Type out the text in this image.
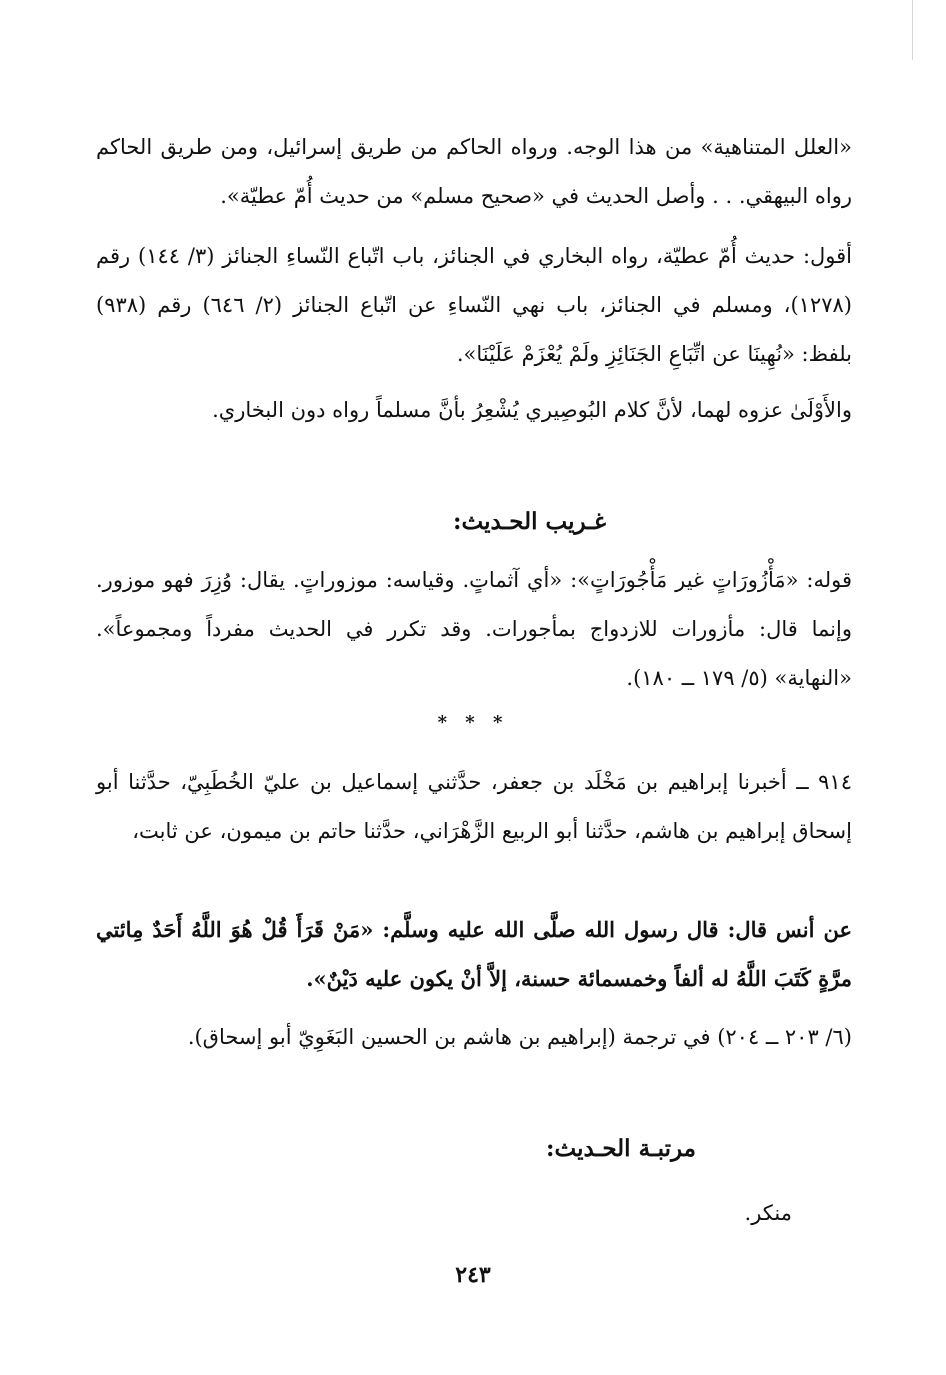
«العلل المتناهية» من هذا الوجه. ورواه الحاكم من طريق إسرائيل، ومن طريق الحاكم رواه البيهقي. . . وأصل الحديث في «صحيح مسلم» من حديث أُمّ عطيّة».

أقول: حديث أُمّ عطيّة، رواه البخاري في الجنائز، باب اتّباع النّساءِ الجنائز (٣/ ١٤٤) رقم (١٢٧٨)، ومسلم في الجنائز، باب نهي النّساءِ عن اتّباع الجنائز (٢/ ٦٤٦) رقم (٩٣٨) بلفظ: «نُهِينَا عن اتِّبَاعِ الجَنَائِزِ ولَمْ يُعْزَمْ عَلَيْنَا».

والأَوْلَىٰ عزوه لهما، لأنَّ كلام البُوصِيري يُشْعِرُ بأنَّ مسلماً رواه دون البخاري.

غـريب الحـديث:

قوله: «مَأْزُورَاتٍ غير مَأْجُورَاتٍ»: «أي آثماتٍ. وقياسه: موزوراتٍ. يقال: وُزِرَ فهو موزور. وإنما قال: مأزورات للازدواج بمأجورات. وقد تكرر في الحديث مفرداً ومجموعاً». «النهاية» (٥/ ١٧٩ ــ ١٨٠).

* * *

٩١٤ ــ أخبرنا إبراهيم بن مَخْلَد بن جعفر، حدَّثني إسماعيل بن عليّ الخُطَبِيّ، حدَّثنا أبو إسحاق إبراهيم بن هاشم، حدَّثنا أبو الربيع الزَّهْرَاني، حدَّثنا حاتم بن ميمون، عن ثابت،

عن أنس قال: قال رسول الله صلَّى الله عليه وسلَّم: «مَنْ قَرَأَ قُلْ هُوَ اللَّهُ أَحَدٌ مِائتي مرَّةٍ كَتَبَ اللَّهُ له ألفاً وخمسمائة حسنة، إلاَّ أنْ يكون عليه دَيْنٌ».

(٦/ ٢٠٣ ــ ٢٠٤) في ترجمة (إبراهيم بن هاشم بن الحسين البَغَوِيّ أبو إسحاق).

مرتبـة الحـديث:

منكر.

٢٤٣
